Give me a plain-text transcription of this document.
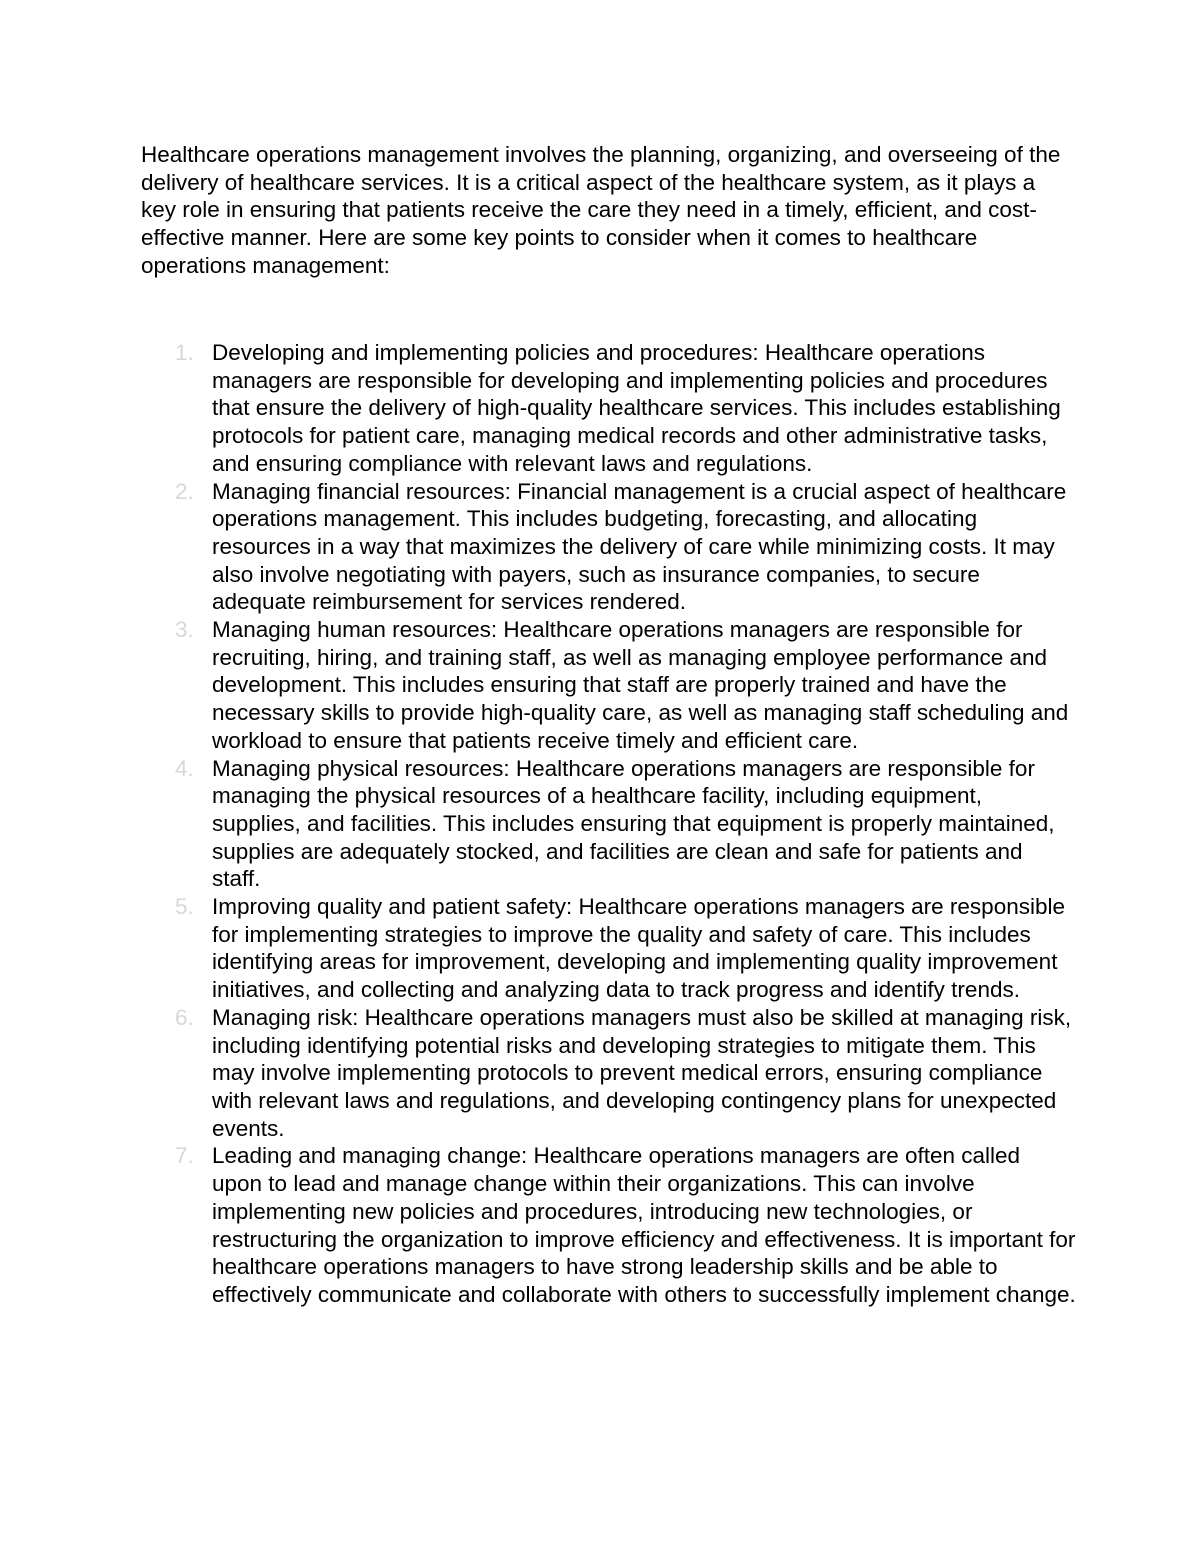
Healthcare operations management involves the planning, organizing, and overseeing of the delivery of healthcare services. It is a critical aspect of the healthcare system, as it plays a key role in ensuring that patients receive the care they need in a timely, efficient, and cost-effective manner. Here are some key points to consider when it comes to healthcare operations management:

1. Developing and implementing policies and procedures: Healthcare operations managers are responsible for developing and implementing policies and procedures that ensure the delivery of high-quality healthcare services. This includes establishing protocols for patient care, managing medical records and other administrative tasks, and ensuring compliance with relevant laws and regulations.
2. Managing financial resources: Financial management is a crucial aspect of healthcare operations management. This includes budgeting, forecasting, and allocating resources in a way that maximizes the delivery of care while minimizing costs. It may also involve negotiating with payers, such as insurance companies, to secure adequate reimbursement for services rendered.
3. Managing human resources: Healthcare operations managers are responsible for recruiting, hiring, and training staff, as well as managing employee performance and development. This includes ensuring that staff are properly trained and have the necessary skills to provide high-quality care, as well as managing staff scheduling and workload to ensure that patients receive timely and efficient care.
4. Managing physical resources: Healthcare operations managers are responsible for managing the physical resources of a healthcare facility, including equipment, supplies, and facilities. This includes ensuring that equipment is properly maintained, supplies are adequately stocked, and facilities are clean and safe for patients and staff.
5. Improving quality and patient safety: Healthcare operations managers are responsible for implementing strategies to improve the quality and safety of care. This includes identifying areas for improvement, developing and implementing quality improvement initiatives, and collecting and analyzing data to track progress and identify trends.
6. Managing risk: Healthcare operations managers must also be skilled at managing risk, including identifying potential risks and developing strategies to mitigate them. This may involve implementing protocols to prevent medical errors, ensuring compliance with relevant laws and regulations, and developing contingency plans for unexpected events.
7. Leading and managing change: Healthcare operations managers are often called upon to lead and manage change within their organizations. This can involve implementing new policies and procedures, introducing new technologies, or restructuring the organization to improve efficiency and effectiveness. It is important for healthcare operations managers to have strong leadership skills and be able to effectively communicate and collaborate with others to successfully implement change.
